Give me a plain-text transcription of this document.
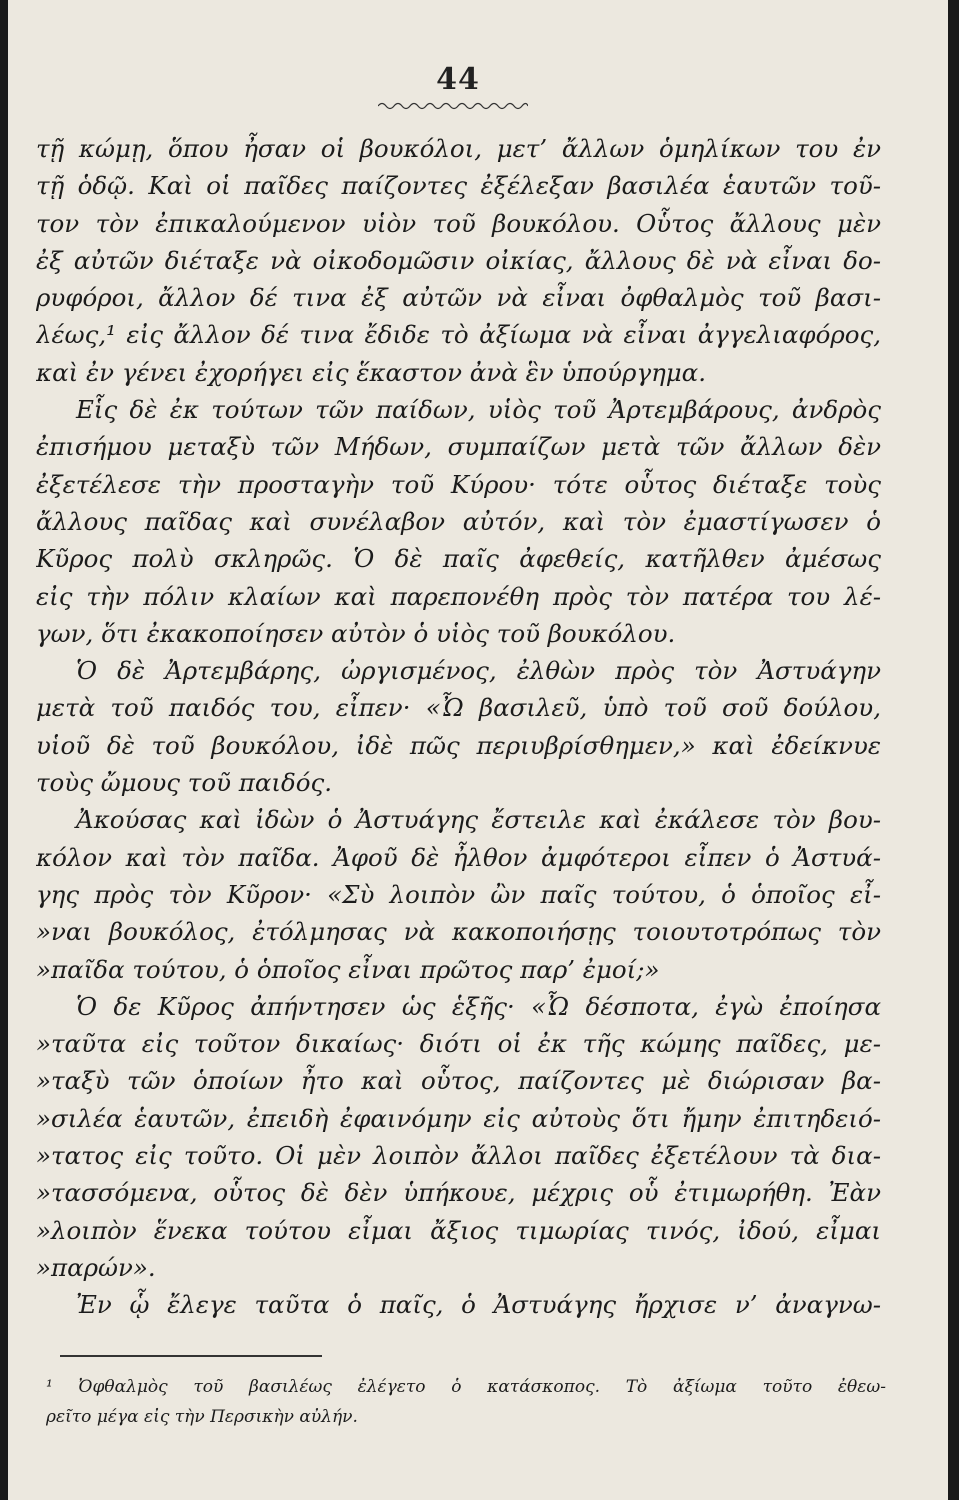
44
τῇ κώμῃ, ὅπου ἦσαν οἱ βουκόλοι, μετ’ ἄλλων ὁμηλίκων του ἐν
τῇ ὁδῷ. Καὶ οἱ παῖδες παίζοντες ἐξέλεξαν βασιλέα ἑαυτῶν τοῦ-
τον τὸν ἐπικαλούμενον υἱὸν τοῦ βουκόλου. Οὗτος ἄλλους μὲν
ἐξ αὐτῶν διέταξε νὰ οἰκοδομῶσιν οἰκίας, ἄλλους δὲ νὰ εἶναι δο-
ρυφόροι, ἄλλον δέ τινα ἐξ αὐτῶν νὰ εἶναι ὀφθαλμὸς τοῦ βασι-
λέως,¹ εἰς ἄλλον δέ τινα ἔδιδε τὸ ἀξίωμα νὰ εἶναι ἀγγελιαφόρος,
καὶ ἐν γένει ἐχορήγει εἰς ἕκαστον ἀνὰ ἓν ὑπούργημα.
Εἷς δὲ ἐκ τούτων τῶν παίδων, υἱὸς τοῦ Ἀρτεμβάρους, ἀνδρὸς
ἐπισήμου μεταξὺ τῶν Μήδων, συμπαίζων μετὰ τῶν ἄλλων δὲν
ἐξετέλεσε τὴν προσταγὴν τοῦ Κύρου· τότε οὗτος διέταξε τοὺς
ἄλλους παῖδας καὶ συνέλαβον αὐτόν, καὶ τὸν ἐμαστίγωσεν ὁ
Κῦρος πολὺ σκληρῶς. Ὁ δὲ παῖς ἀφεθείς, κατῆλθεν ἀμέσως
εἰς τὴν πόλιν κλαίων καὶ παρεπονέθη πρὸς τὸν πατέρα του λέ-
γων, ὅτι ἐκακοποίησεν αὐτὸν ὁ υἱὸς τοῦ βουκόλου.
Ὁ δὲ Ἀρτεμβάρης, ὠργισμένος, ἐλθὼν πρὸς τὸν Ἀστυάγην
μετὰ τοῦ παιδός του, εἶπεν· «Ὦ βασιλεῦ, ὑπὸ τοῦ σοῦ δούλου,
υἱοῦ δὲ τοῦ βουκόλου, ἰδὲ πῶς περιυβρίσθημεν,» καὶ ἐδείκνυε
τοὺς ὤμους τοῦ παιδός.
Ἀκούσας καὶ ἰδὼν ὁ Ἀστυάγης ἔστειλε καὶ ἐκάλεσε τὸν βου-
κόλον καὶ τὸν παῖδα. Ἀφοῦ δὲ ἦλθον ἀμφότεροι εἶπεν ὁ Ἀστυά-
γης πρὸς τὸν Κῦρον· «Σὺ λοιπὸν ὢν παῖς τούτου, ὁ ὁποῖος εἶ-
»ναι βουκόλος, ἐτόλμησας νὰ κακοποιήσῃς τοιουτοτρόπως τὸν
»παῖδα τούτου, ὁ ὁποῖος εἶναι πρῶτος παρ’ ἐμοί;»
Ὁ δε Κῦρος ἀπήντησεν ὡς ἑξῆς· «Ὦ δέσποτα, ἐγὼ ἐποίησα
»ταῦτα εἰς τοῦτον δικαίως· διότι οἱ ἐκ τῆς κώμης παῖδες, με-
»ταξὺ τῶν ὁποίων ἦτο καὶ οὗτος, παίζοντες μὲ διώρισαν βα-
»σιλέα ἑαυτῶν, ἐπειδὴ ἐφαινόμην εἰς αὐτοὺς ὅτι ἤμην ἐπιτηδειό-
»τατος εἰς τοῦτο. Οἱ μὲν λοιπὸν ἄλλοι παῖδες ἐξετέλουν τὰ δια-
»τασσόμενα, οὗτος δὲ δὲν ὑπήκουε, μέχρις οὗ ἐτιμωρήθη. Ἐὰν
»λοιπὸν ἕνεκα τούτου εἶμαι ἄξιος τιμωρίας τινός, ἰδού, εἶμαι
»παρών».
Ἐν ᾧ ἔλεγε ταῦτα ὁ παῖς, ὁ Ἀστυάγης ἤρχισε ν’ ἀναγνω-
¹ Ὀφθαλμὸς τοῦ βασιλέως ἐλέγετο ὁ κατάσκοπος. Τὸ ἀξίωμα τοῦτο ἐθεω-
ρεῖτο μέγα εἰς τὴν Περσικὴν αὐλήν.
